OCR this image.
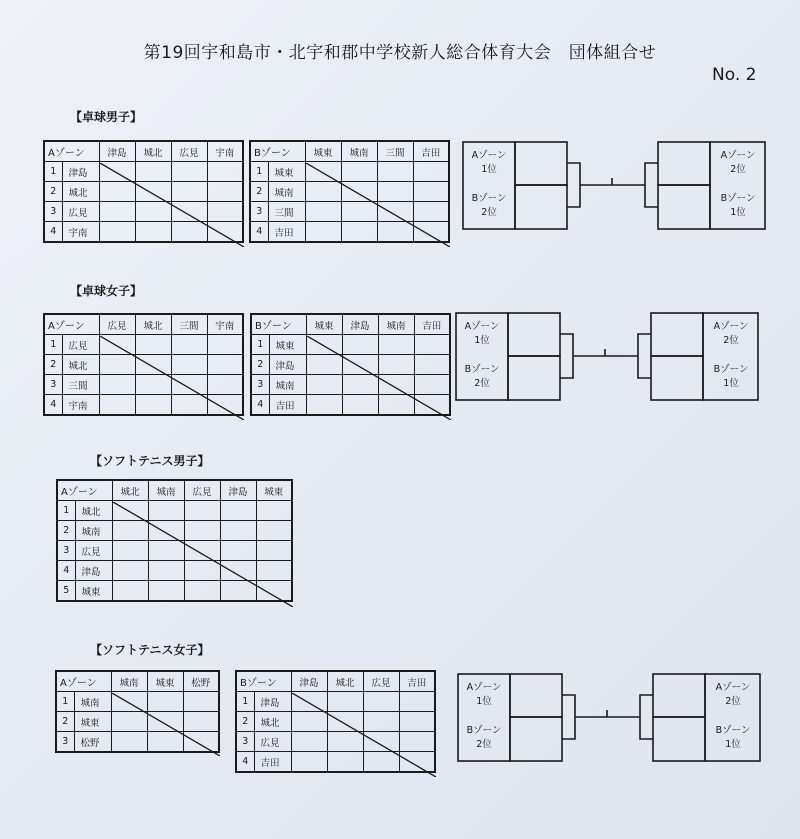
第19回宇和島市・北宇和郡中学校新人総合体育大会　団体組合せ
No. 2
【卓球男子】
Aゾーン		津島	城北	広見	宇南
1	津島				
2	城北				
3	広見				
4	宇南				
Bゾーン		城東	城南	三間	吉田
1	城東				
2	城南				
3	三間				
4	吉田				
Aゾーン
1位
Bゾーン
2位
Aゾーン
2位
Bゾーン
1位
【卓球女子】
Aゾーン		広見	城北	三間	宇南
1	広見				
2	城北				
3	三間				
4	宇南				
Bゾーン		城東	津島	城南	吉田
1	城東				
2	津島				
3	城南				
4	吉田				
Aゾーン
1位
Bゾーン
2位
Aゾーン
2位
Bゾーン
1位
【ソフトテニス男子】
Aゾーン		城北	城南	広見	津島	城東
1	城北					
2	城南					
3	広見					
4	津島					
5	城東					
【ソフトテニス女子】
Aゾーン		城南	城東	松野
1	城南			
2	城東			
3	松野			
Bゾーン		津島	城北	広見	吉田
1	津島				
2	城北				
3	広見				
4	吉田				
Aゾーン
1位
Bゾーン
2位
Aゾーン
2位
Bゾーン
1位
